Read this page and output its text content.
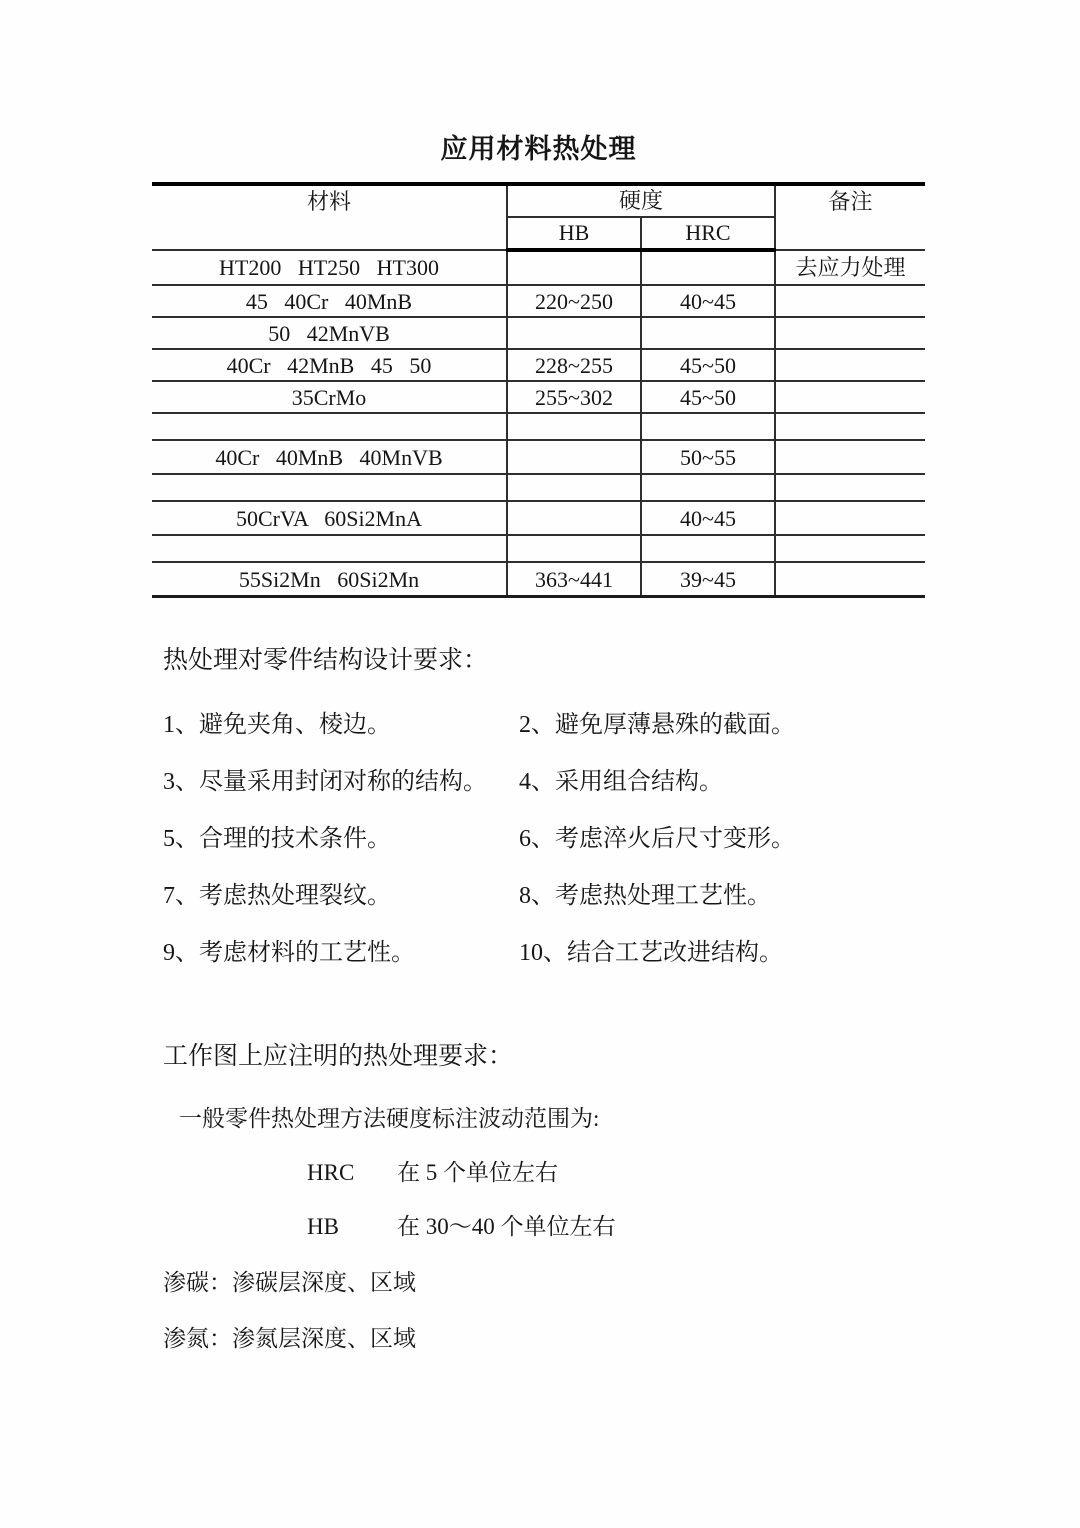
应用材料热处理
材料	硬度		备注
	HB	HRC	
HT200   HT250   HT300			去应力处理
45   40Cr   40MnB	220~250	40~45	
50   42MnVB			
40Cr   42MnB   45   50	228~255	45~50	
35CrMo	255~302	45~50	

40Cr   40MnB   40MnVB		50~55	

50CrVA   60Si2MnA		40~45	

55Si2Mn   60Si2Mn	363~441	39~45	
热处理对零件结构设计要求：
1、避免夹角、棱边。	2、避免厚薄悬殊的截面。
3、尽量采用封闭对称的结构。	4、采用组合结构。
5、合理的技术条件。	6、考虑淬火后尺寸变形。
7、考虑热处理裂纹。	8、考虑热处理工艺性。
9、考虑材料的工艺性。	10、结合工艺改进结构。
工作图上应注明的热处理要求：
一般零件热处理方法硬度标注波动范围为:
HRC	在 5 个单位左右
HB	在 30～40 个单位左右
渗碳：渗碳层深度、区域
渗氮：渗氮层深度、区域
